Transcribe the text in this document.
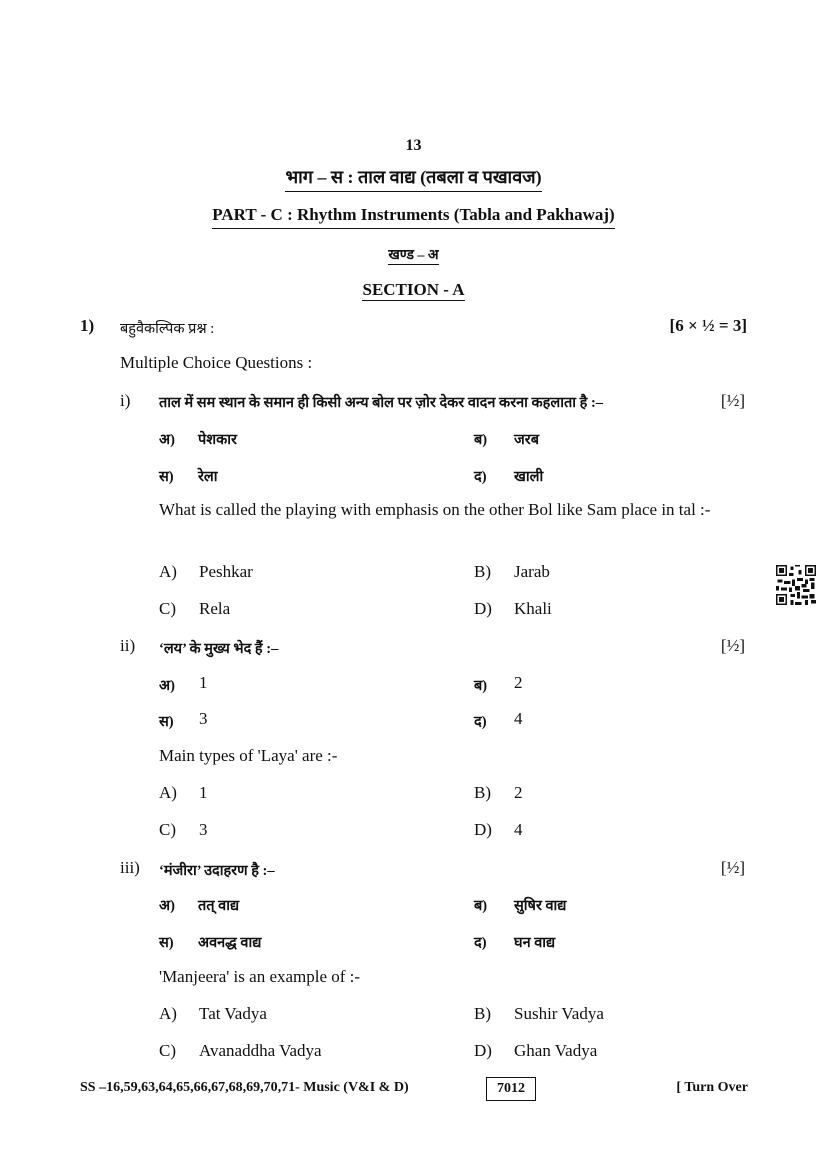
13
भाग – स : ताल वाद्य (तबला व पखावज)
PART - C : Rhythm Instruments (Tabla and Pakhawaj)
खण्ड – अ
SECTION - A
1) बहुवैकल्पिक प्रश्न :	[6 × ½ = 3]
Multiple Choice Questions :
i) ताल में सम स्थान के समान ही किसी अन्य बोल पर ज़ोर देकर वादन करना कहलाता है :–	[½]
अ) पेशकार	ब) जरब
स) रेला	द) खाली
What is called the playing with emphasis on the other Bol like Sam place in tal :-
A) Peshkar	B) Jarab
C) Rela	D) Khali
ii) ‘लय’ के मुख्य भेद हैं :–	[½]
अ) 1	ब) 2
स) 3	द) 4
Main types of 'Laya' are :-
A) 1	B) 2
C) 3	D) 4
iii) ‘मंजीरा’ उदाहरण है :–	[½]
अ) तत् वाद्य	ब) सुषिर वाद्य
स) अवनद्ध वाद्य	द) घन वाद्य
'Manjeera' is an example of :-
A) Tat Vadya	B) Sushir Vadya
C) Avanaddha Vadya	D) Ghan Vadya
SS –16,59,63,64,65,66,67,68,69,70,71- Music (V&I & D)	7012	[ Turn Over
